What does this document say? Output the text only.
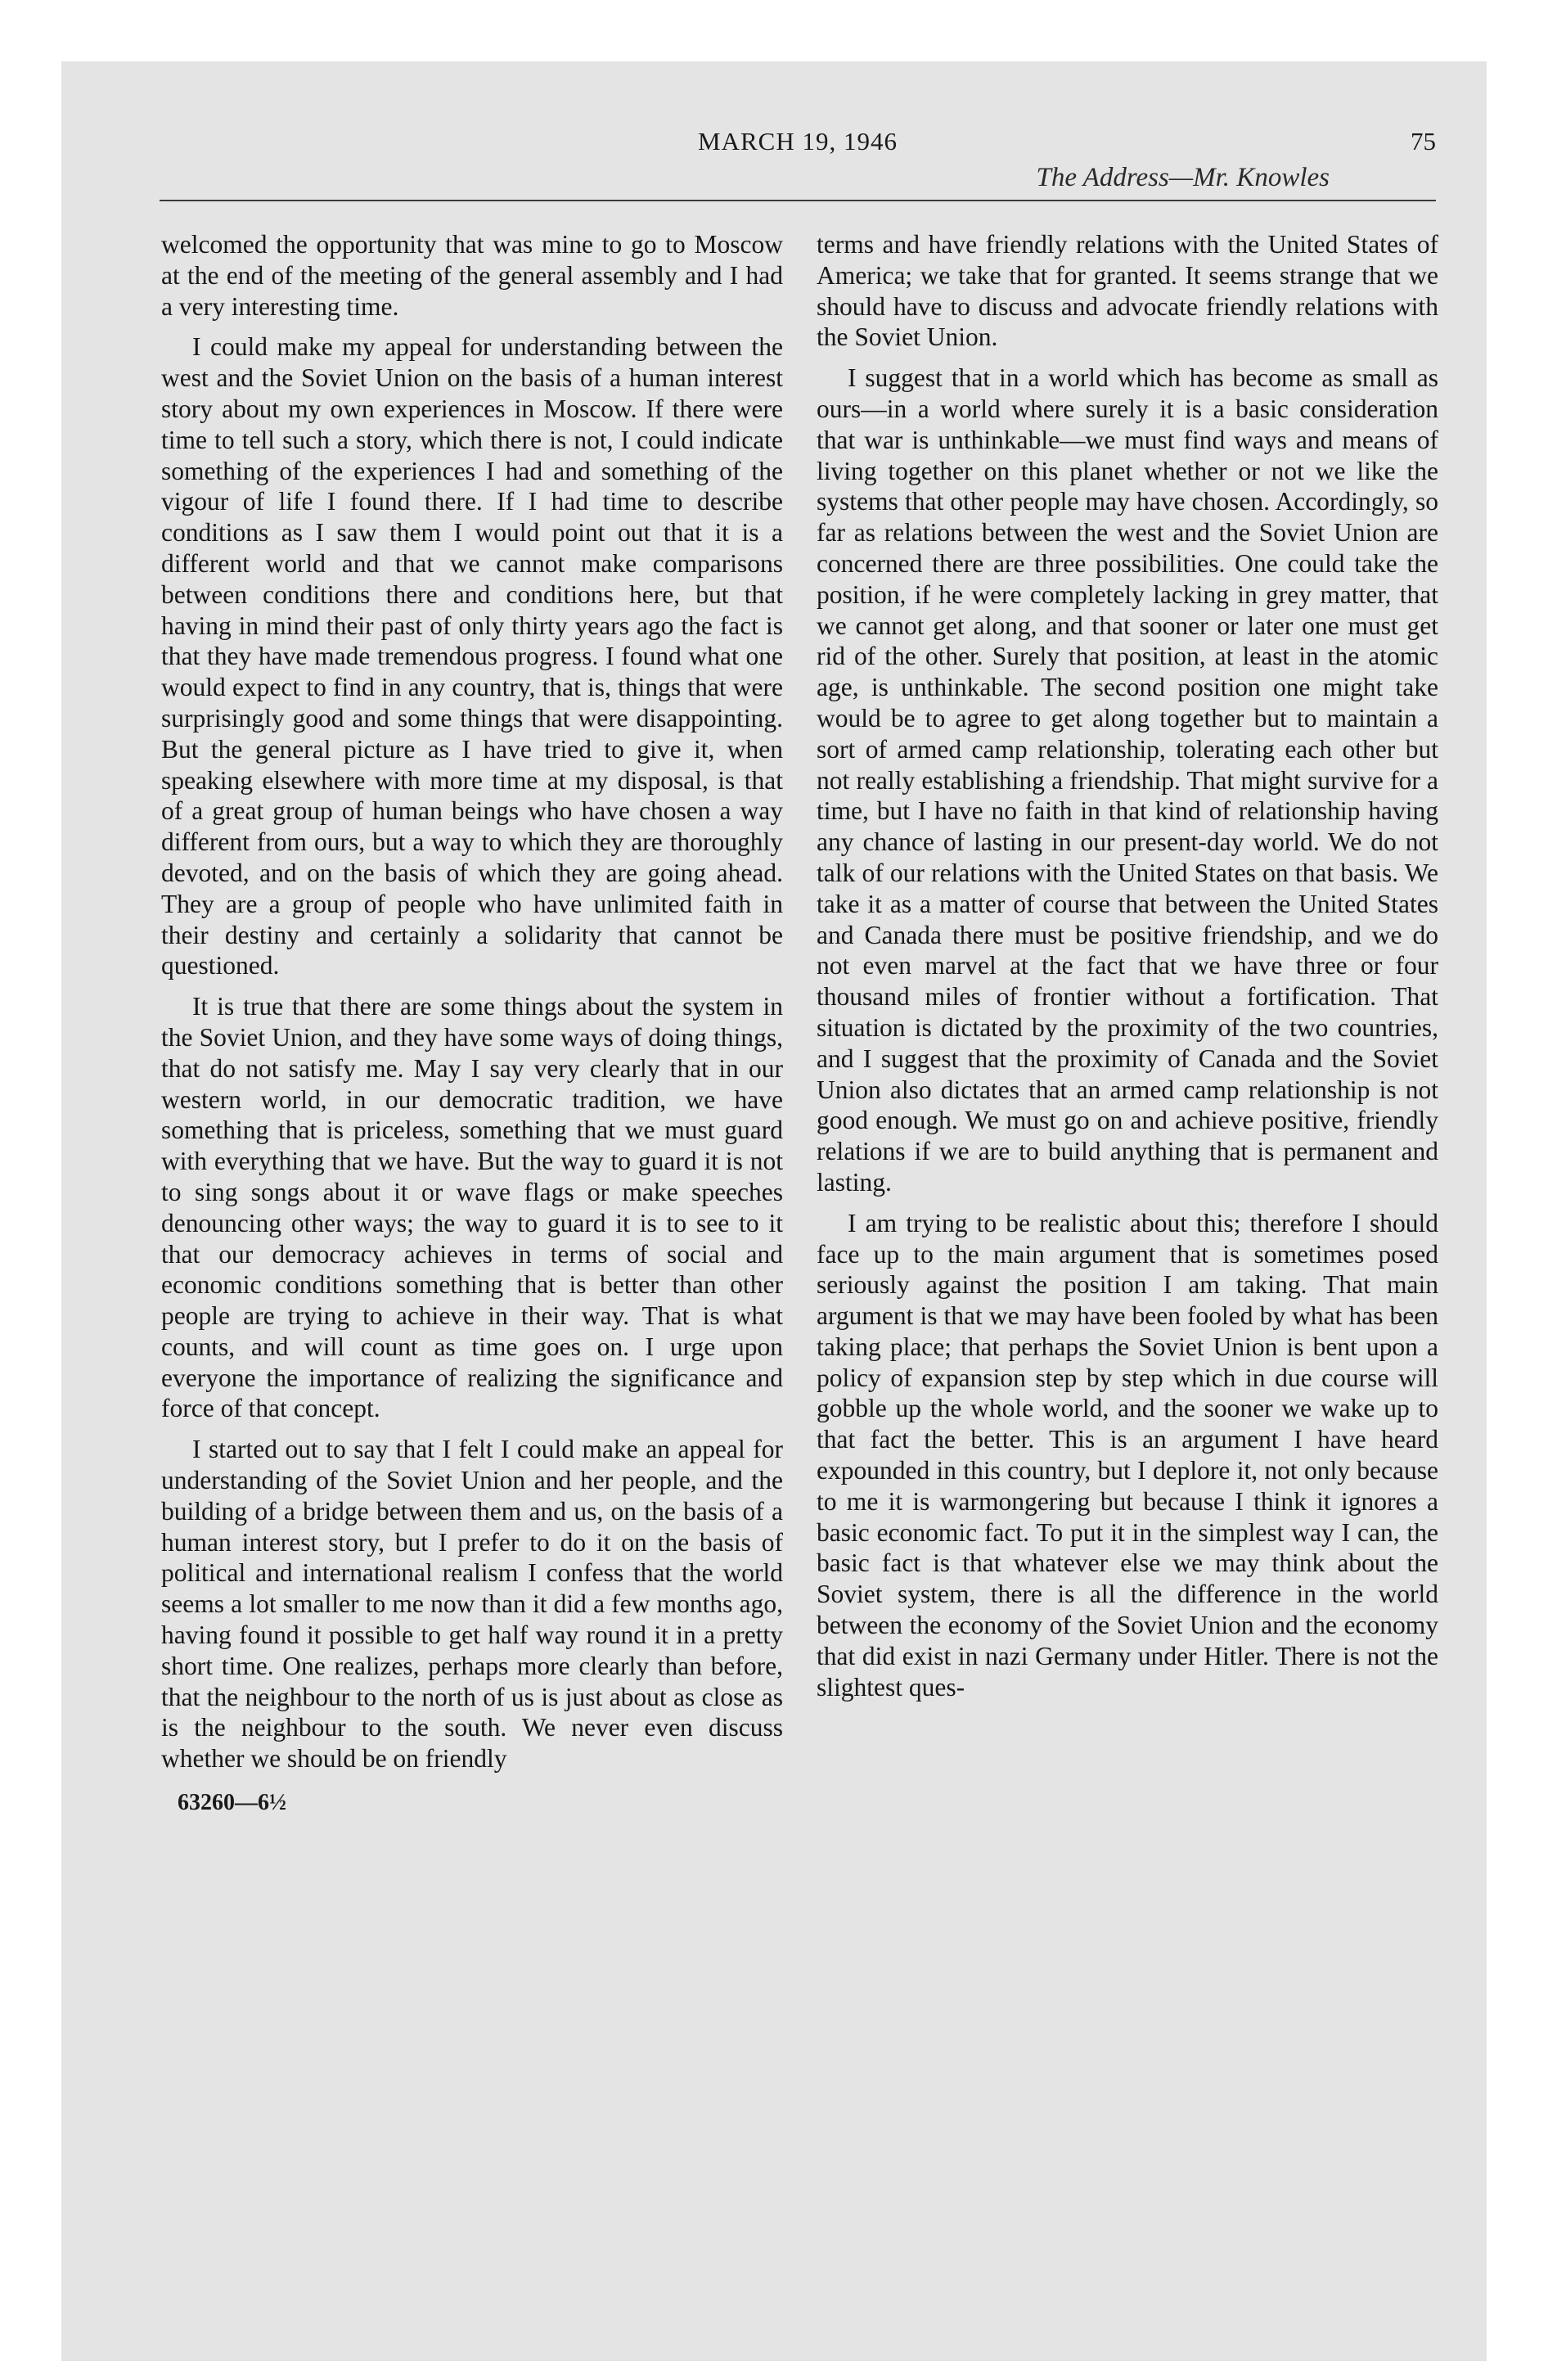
MARCH 19, 1946	75
The Address—Mr. Knowles

welcomed the opportunity that was mine to go to Moscow at the end of the meeting of the general assembly and I had a very interesting time.

I could make my appeal for understanding between the west and the Soviet Union on the basis of a human interest story about my own experiences in Moscow. If there were time to tell such a story, which there is not, I could indicate something of the experiences I had and something of the vigour of life I found there. If I had time to describe conditions as I saw them I would point out that it is a different world and that we cannot make comparisons between conditions there and conditions here, but that having in mind their past of only thirty years ago the fact is that they have made tremendous progress. I found what one would expect to find in any country, that is, things that were surprisingly good and some things that were disappointing. But the general picture as I have tried to give it, when speaking elsewhere with more time at my disposal, is that of a great group of human beings who have chosen a way different from ours, but a way to which they are thoroughly devoted, and on the basis of which they are going ahead. They are a group of people who have unlimited faith in their destiny and certainly a solidarity that cannot be questioned.

It is true that there are some things about the system in the Soviet Union, and they have some ways of doing things, that do not satisfy me. May I say very clearly that in our western world, in our democratic tradition, we have something that is priceless, something that we must guard with everything that we have. But the way to guard it is not to sing songs about it or wave flags or make speeches denouncing other ways; the way to guard it is to see to it that our democracy achieves in terms of social and economic conditions something that is better than other people are trying to achieve in their way. That is what counts, and will count as time goes on. I urge upon everyone the importance of realizing the significance and force of that concept.

I started out to say that I felt I could make an appeal for understanding of the Soviet Union and her people, and the building of a bridge between them and us, on the basis of a human interest story, but I prefer to do it on the basis of political and international realism I confess that the world seems a lot smaller to me now than it did a few months ago, having found it possible to get half way round it in a pretty short time. One realizes, perhaps more clearly than before, that the neighbour to the north of us is just about as close as is the neighbour to the south. We never even discuss whether we should be on friendly

63260—6½

terms and have friendly relations with the United States of America; we take that for granted. It seems strange that we should have to discuss and advocate friendly relations with the Soviet Union.

I suggest that in a world which has become as small as ours—in a world where surely it is a basic consideration that war is unthinkable—we must find ways and means of living together on this planet whether or not we like the systems that other people may have chosen. Accordingly, so far as relations between the west and the Soviet Union are concerned there are three possibilities. One could take the position, if he were completely lacking in grey matter, that we cannot get along, and that sooner or later one must get rid of the other. Surely that position, at least in the atomic age, is unthinkable. The second position one might take would be to agree to get along together but to maintain a sort of armed camp relationship, tolerating each other but not really establishing a friendship. That might survive for a time, but I have no faith in that kind of relationship having any chance of lasting in our present-day world. We do not talk of our relations with the United States on that basis. We take it as a matter of course that between the United States and Canada there must be positive friendship, and we do not even marvel at the fact that we have three or four thousand miles of frontier without a fortification. That situation is dictated by the proximity of the two countries, and I suggest that the proximity of Canada and the Soviet Union also dictates that an armed camp relationship is not good enough. We must go on and achieve positive, friendly relations if we are to build anything that is permanent and lasting.

I am trying to be realistic about this; therefore I should face up to the main argument that is sometimes posed seriously against the position I am taking. That main argument is that we may have been fooled by what has been taking place; that perhaps the Soviet Union is bent upon a policy of expansion step by step which in due course will gobble up the whole world, and the sooner we wake up to that fact the better. This is an argument I have heard expounded in this country, but I deplore it, not only because to me it is warmongering but because I think it ignores a basic economic fact. To put it in the simplest way I can, the basic fact is that whatever else we may think about the Soviet system, there is all the difference in the world between the economy of the Soviet Union and the economy that did exist in nazi Germany under Hitler. There is not the slightest ques-
